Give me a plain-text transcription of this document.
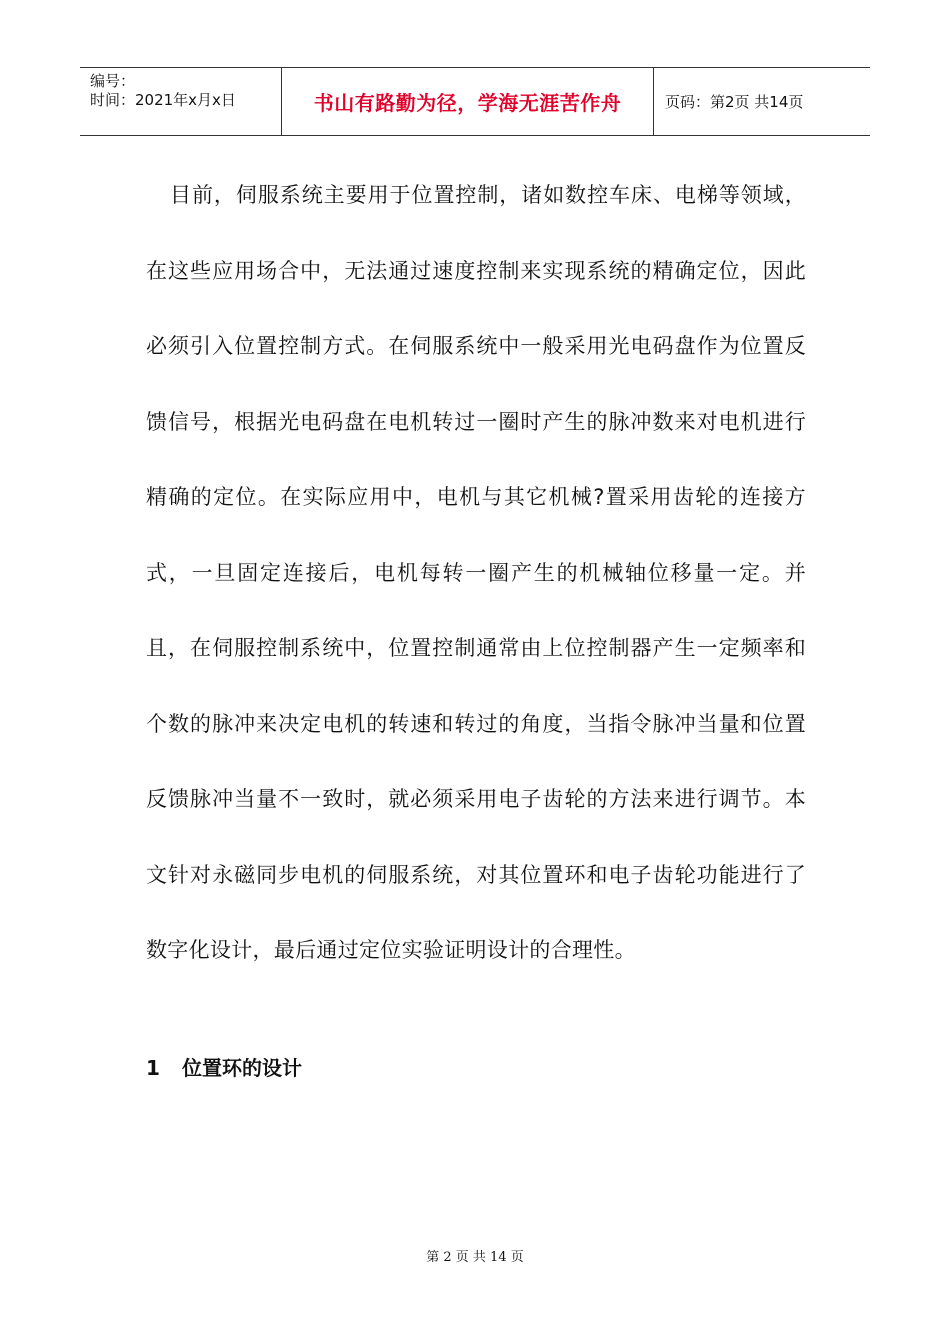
编号：
时间：2021年x月x日	书山有路勤为径，学海无涯苦作舟	页码：第2页 共14页

目前，伺服系统主要用于位置控制，诸如数控车床、电梯等领域，在这些应用场合中，无法通过速度控制来实现系统的精确定位，因此必须引入位置控制方式。在伺服系统中一般采用光电码盘作为位置反馈信号，根据光电码盘在电机转过一圈时产生的脉冲数来对电机进行精确的定位。在实际应用中，电机与其它机械?置采用齿轮的连接方式，一旦固定连接后，电机每转一圈产生的机械轴位移量一定。并且，在伺服控制系统中，位置控制通常由上位控制器产生一定频率和个数的脉冲来决定电机的转速和转过的角度，当指令脉冲当量和位置反馈脉冲当量不一致时，就必须采用电子齿轮的方法来进行调节。本文针对永磁同步电机的伺服系统，对其位置环和电子齿轮功能进行了数字化设计，最后通过定位实验证明设计的合理性。

1 位置环的设计
第 2 页 共 14 页
